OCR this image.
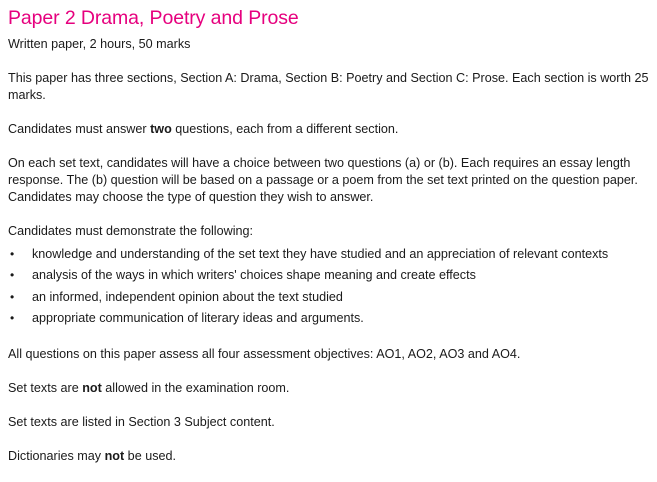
Paper 2 Drama, Poetry and Prose

Written paper, 2 hours, 50 marks

This paper has three sections, Section A: Drama, Section B: Poetry and Section C: Prose. Each section is worth 25 marks.

Candidates must answer two questions, each from a different section.

On each set text, candidates will have a choice between two questions (a) or (b). Each requires an essay length response. The (b) question will be based on a passage or a poem from the set text printed on the question paper. Candidates may choose the type of question they wish to answer.

Candidates must demonstrate the following:

• knowledge and understanding of the set text they have studied and an appreciation of relevant contexts
• analysis of the ways in which writers' choices shape meaning and create effects
• an informed, independent opinion about the text studied
• appropriate communication of literary ideas and arguments.

All questions on this paper assess all four assessment objectives: AO1, AO2, AO3 and AO4.

Set texts are not allowed in the examination room.

Set texts are listed in Section 3 Subject content.

Dictionaries may not be used.
